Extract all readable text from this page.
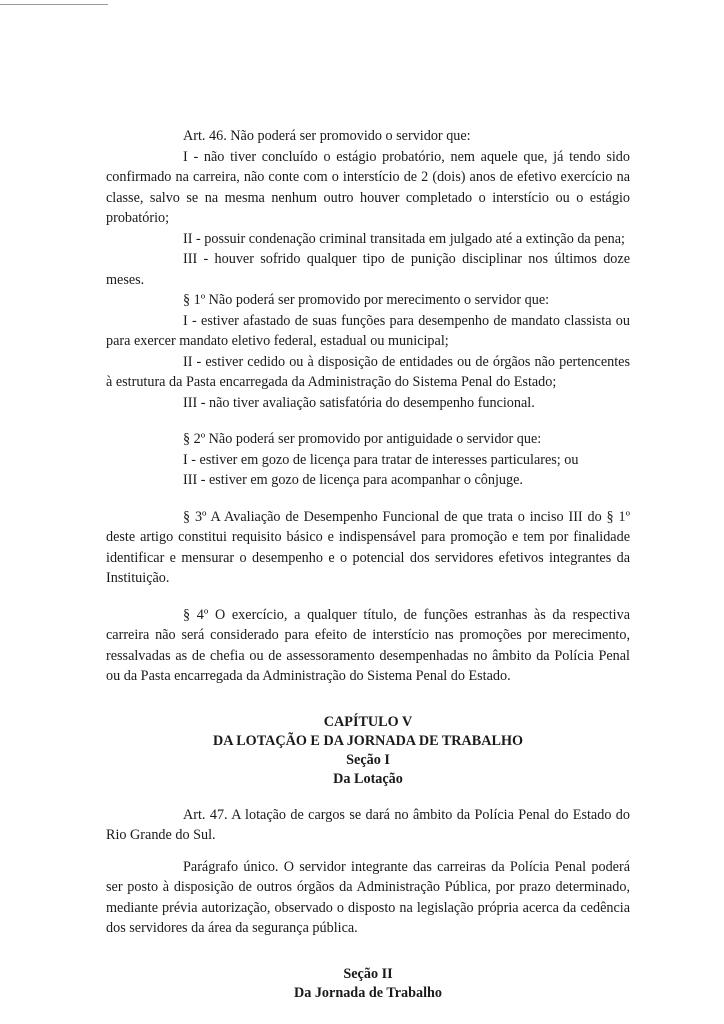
Art. 46. Não poderá ser promovido o servidor que:

I - não tiver concluído o estágio probatório, nem aquele que, já tendo sido confirmado na carreira, não conte com o interstício de 2 (dois) anos de efetivo exercício na classe, salvo se na mesma nenhum outro houver completado o interstício ou o estágio probatório;

II - possuir condenação criminal transitada em julgado até a extinção da pena;

III - houver sofrido qualquer tipo de punição disciplinar nos últimos doze meses.

§ 1º Não poderá ser promovido por merecimento o servidor que:

I - estiver afastado de suas funções para desempenho de mandato classista ou para exercer mandato eletivo federal, estadual ou municipal;

II - estiver cedido ou à disposição de entidades ou de órgãos não pertencentes à estrutura da Pasta encarregada da Administração do Sistema Penal do Estado;

III - não tiver avaliação satisfatória do desempenho funcional.

§ 2º Não poderá ser promovido por antiguidade o servidor que:

I - estiver em gozo de licença para tratar de interesses particulares; ou

III - estiver em gozo de licença para acompanhar o cônjuge.

§ 3º A Avaliação de Desempenho Funcional de que trata o inciso III do § 1º deste artigo constitui requisito básico e indispensável para promoção e tem por finalidade identificar e mensurar o desempenho e o potencial dos servidores efetivos integrantes da Instituição.

§ 4º O exercício, a qualquer título, de funções estranhas às da respectiva carreira não será considerado para efeito de interstício nas promoções por merecimento, ressalvadas as de chefia ou de assessoramento desempenhadas no âmbito da Polícia Penal ou da Pasta encarregada da Administração do Sistema Penal do Estado.

CAPÍTULO V

DA LOTAÇÃO E DA JORNADA DE TRABALHO

Seção I

Da Lotação

Art. 47. A lotação de cargos se dará no âmbito da Polícia Penal do Estado do Rio Grande do Sul.

Parágrafo único. O servidor integrante das carreiras da Polícia Penal poderá ser posto à disposição de outros órgãos da Administração Pública, por prazo determinado, mediante prévia autorização, observado o disposto na legislação própria acerca da cedência dos servidores da área da segurança pública.

Seção II

Da Jornada de Trabalho
